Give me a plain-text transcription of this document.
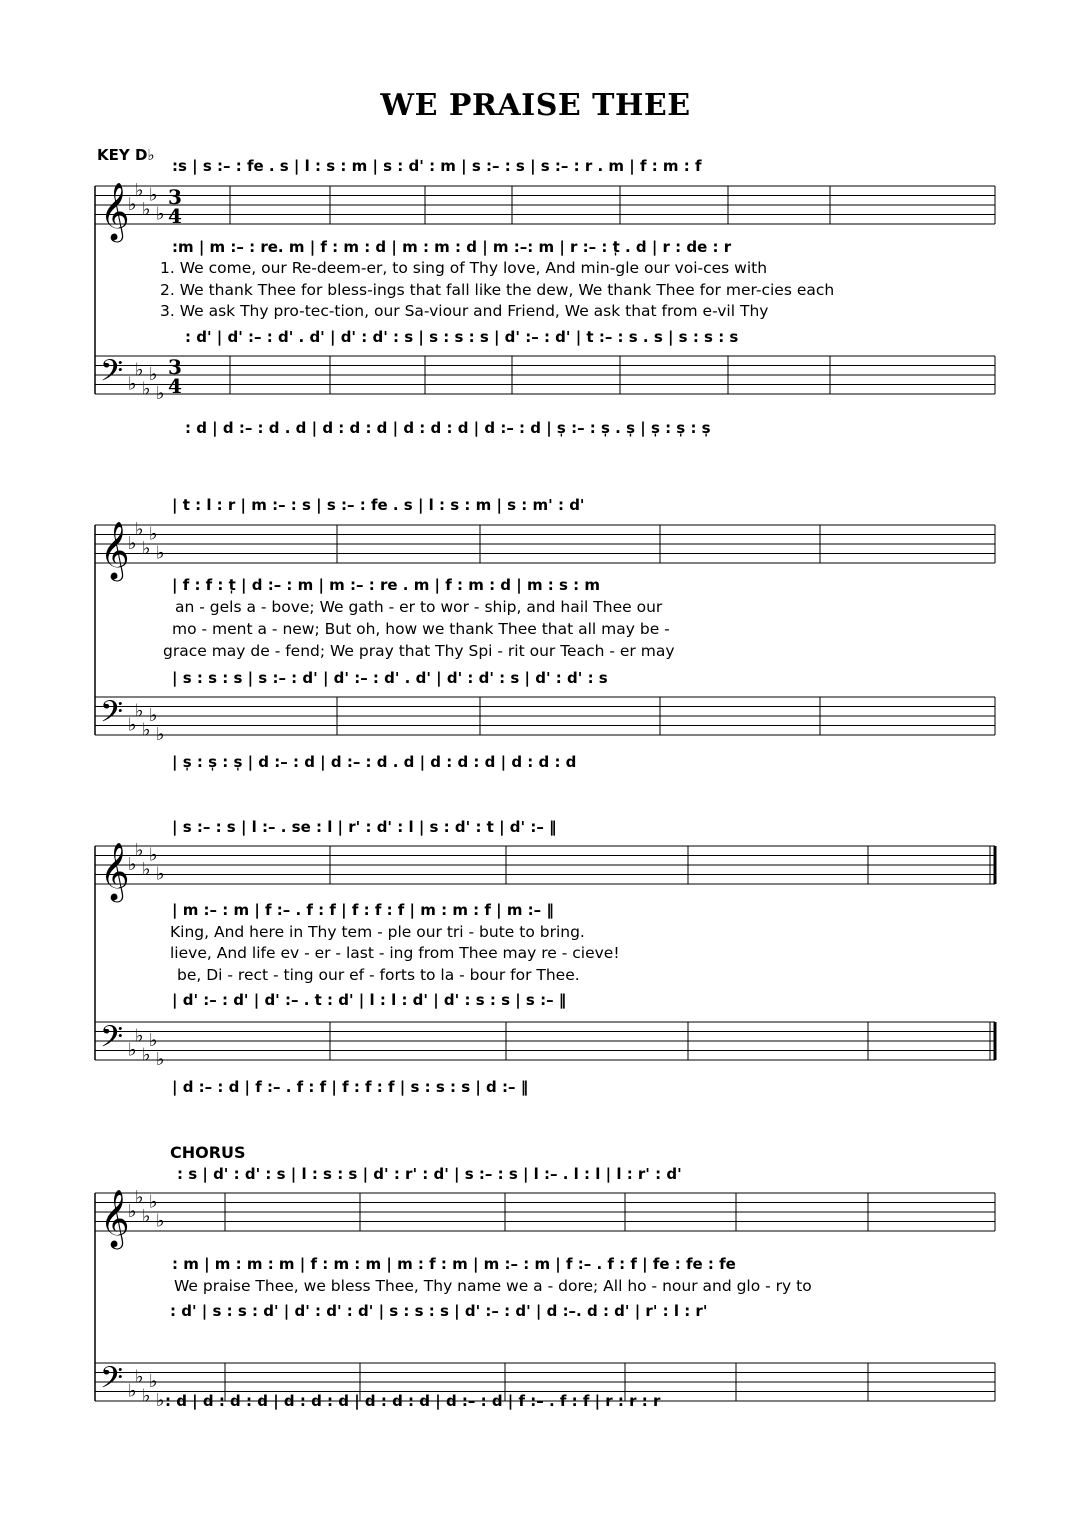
WE PRAISE THEE
KEY D♭
CHORUS
:s | s :– : fe . s | l : s : m | s : d' : m | s :– : s | s :– : r . m | f : m : f
:m | m :– : re. m | f : m : d | m : m : d | m :–: m | r :– : t̩ . d | r : de : r
1. We come, our Re-deem-er, to sing of Thy love, And min-gle our voi-ces with
2. We thank Thee for bless-ings that fall like the dew, We thank Thee for mer-cies each
3. We ask Thy pro-tec-tion, our Sa-viour and Friend, We ask that from e-vil Thy
: d' | d' :– : d' . d' | d' : d' : s | s : s : s | d' :– : d' | t :– : s . s | s : s : s
: d | d :– : d . d | d : d : d | d : d : d | d :– : d | s̩ :– : s̩ . s̩ | s̩ : s̩ : s̩
| t : l : r | m :– : s | s :– : fe . s | l : s : m | s : m' : d'
| f : f : t̩ | d :– : m | m :– : re . m | f : m : d | m : s : m
an - gels a - bove; We gath - er to wor - ship, and hail Thee our
mo - ment a - new; But oh, how we thank Thee that all may be -
grace may de - fend; We pray that Thy Spi - rit our Teach - er may
| s : s : s | s :– : d' | d' :– : d' . d' | d' : d' : s | d' : d' : s
| s̩ : s̩ : s̩ | d :– : d | d :– : d . d | d : d : d | d : d : d
| s :– : s | l :– . se : l | r' : d' : l | s : d' : t | d' :– ‖
| m :– : m | f :– . f : f | f : f : f | m : m : f | m :– ‖
King, And here in Thy tem - ple our tri - bute to bring.
lieve, And life ev - er - last - ing from Thee may re - cieve!
be, Di - rect - ting our ef - forts to la - bour for Thee.
| d' :– : d' | d' :– . t : d' | l : l : d' | d' : s : s | s :– ‖
| d :– : d | f :– . f : f | f : f : f | s : s : s | d :– ‖
: s | d' : d' : s | l : s : s | d' : r' : d' | s :– : s | l :– . l : l | l : r' : d'
: m | m : m : m | f : m : m | m : f : m | m :– : m | f :– . f : f | fe : fe : fe
We praise Thee, we bless Thee, Thy name we a - dore; All ho - nour and glo - ry to
: d' | s : s : d' | d' : d' : d' | s : s : s | d' :– : d' | d :–. d : d' | r' : l : r'
: d | d : d : d | d : d : d | d : d : d | d :– : d | f :– . f : f | r : r : r
𝄞
𝄢
♭
♭
♭
♭
♭
♭
♭
♭
♭
♭
3
4
3
4
𝄞
𝄢
♭
♭
♭
♭
♭
♭
♭
♭
♭
♭
𝄞
𝄢
♭
♭
♭
♭
♭
♭
♭
♭
♭
♭
𝄞
𝄢
♭
♭
♭
♭
♭
♭
♭
♭
♭
♭
